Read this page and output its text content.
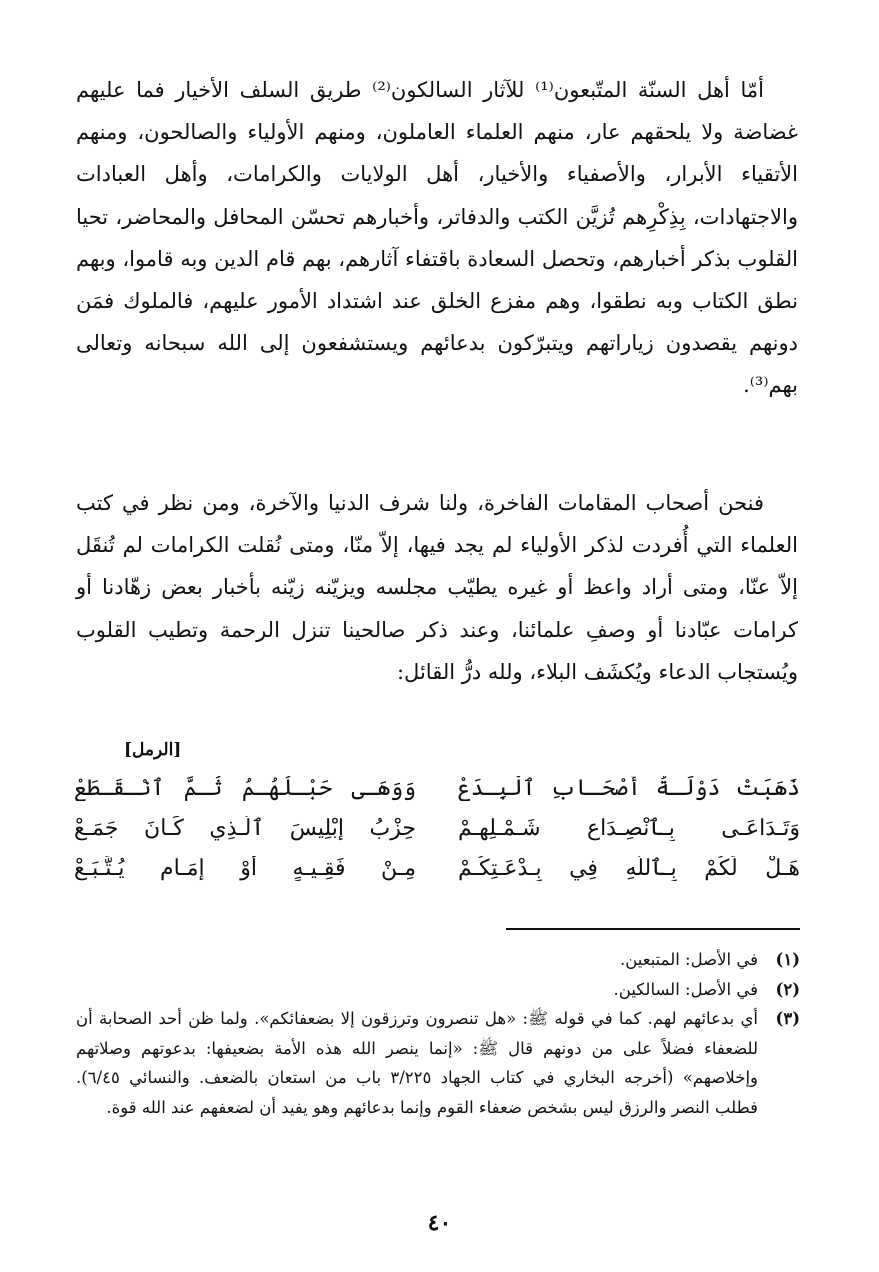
أمّا أهل السنّة المتّبعون⁽¹⁾ للآثار السالكون⁽²⁾ طريق السلف الأخيار فما عليهم غضاضة ولا يلحقهم عار، منهم العلماء العاملون، ومنهم الأولياء والصالحون، ومنهم الأتقياء الأبرار، والأصفياء والأخيار، أهل الولايات والكرامات، وأهل العبادات والاجتهادات، بِذِكْرِهم تُزيَّن الكتب والدفاتر، وأخبارهم تحسّن المحافل والمحاضر، تحيا القلوب بذكر أخبارهم، وتحصل السعادة باقتفاء آثارهم، بهم قام الدين وبه قاموا، وبهم نطق الكتاب وبه نطقوا، وهم مفزع الخلق عند اشتداد الأمور عليهم، فالملوك فمَن دونهم يقصدون زياراتهم ويتبرّكون بدعائهم ويستشفعون إلى الله سبحانه وتعالى بهم⁽³⁾.

فنحن أصحاب المقامات الفاخرة، ولنا شرف الدنيا والآخرة، ومن نظر في كتب العلماء التي أُفردت لذكر الأولياء لم يجد فيها، إلاّ منّا، ومتى نُقلت الكرامات لم تُنقَل إلاّ عنّا، ومتى أراد واعظ أو غيره يطيّب مجلسه ويزيّنه زيّنه بأخبار بعض زهّادنا أو كرامات عبّادنا أو وصفِ علمائنا، وعند ذكر صالحينا تنزل الرحمة وتطيب القلوب ويُستجاب الدعاء ويُكشَف البلاء، ولله درُّ القائل:

[الرمل]

ذَهَبَتْ دَوْلَـةُ أَصْحَـابِ ٱلْبِـدَعْ
وَوَهَـى حَبْـلُهُـمُ ثُـمَّ ٱنْـقَـطَعْ
وَتَـدَاعَـى بِـٱنْصِـدَاعِ شَـمْـلِهِـمْ
حِزْبُ إِبْلِيسَ ٱلَّـذِي كَـانَ جَمَـعْ
هَـلْ لَكُمْ بِـٱللَّهِ فِي بِـدْعَـتِكُـمْ
مِـنْ فَقِـيـهٍ أَوْ إِمَـامٍ يُـتَّـبَـعْ
(١)
في الأصل: المتبعين.
(٢)
في الأصل: السالكين.
(٣)
أي بدعائهم لهم. كما في قوله ﷺ: «هل تنصرون وترزقون إلا بضعفائكم». ولما ظن أحد الصحابة أن للضعفاء فضلاً على من دونهم قال ﷺ: «إنما ينصر الله هذه الأمة بضعيفها: بدعوتهم وصلاتهم وإخلاصهم» (أخرجه البخاري في كتاب الجهاد ٣/٢٢٥ باب من استعان بالضعف. والنسائي ٦/٤٥). فطلب النصر والرزق ليس بشخص ضعفاء القوم وإنما بدعائهم وهو يفيد أن لضعفهم عند الله قوة.
٤٠
